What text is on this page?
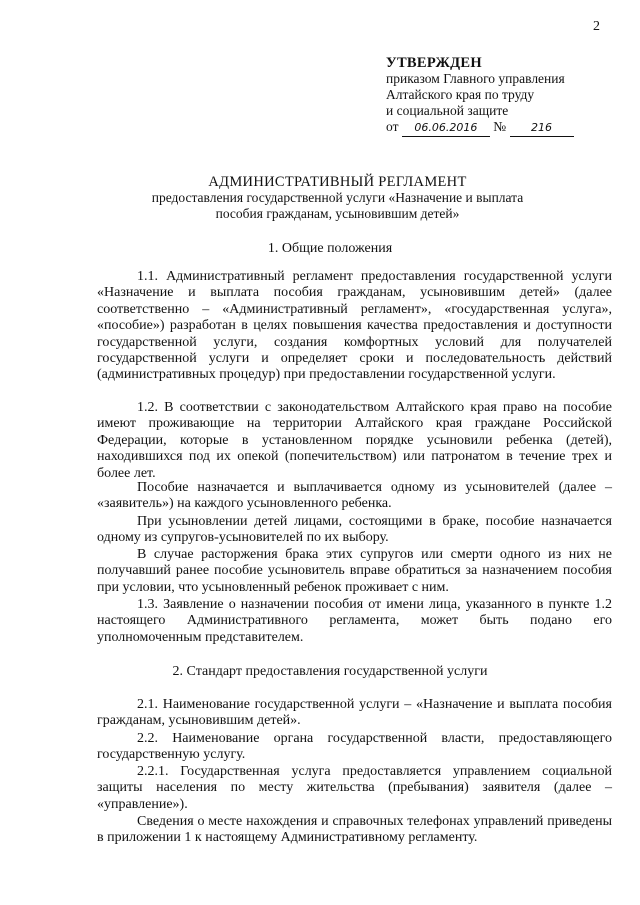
2
УТВЕРЖДЕН
приказом Главного управления
Алтайского края по труду
и социальной защите
от 06.06.2016 № 216
АДМИНИСТРАТИВНЫЙ РЕГЛАМЕНТ
предоставления государственной услуги «Назначение и выплата
пособия гражданам, усыновившим детей»
1. Общие положения
1.1. Административный регламент предоставления государственной услуги «Назначение и выплата пособия гражданам, усыновившим детей» (далее соответственно – «Административный регламент», «государственная услуга», «пособие») разработан в целях повышения качества предоставления и доступности государственной услуги, создания комфортных условий для получателей государственной услуги и определяет сроки и последовательность действий (административных процедур) при предоставлении государственной услуги.
1.2. В соответствии с законодательством Алтайского края право на пособие имеют проживающие на территории Алтайского края граждане Российской Федерации, которые в установленном порядке усыновили ребенка (детей), находившихся под их опекой (попечительством) или патронатом в течение трех и более лет.
Пособие назначается и выплачивается одному из усыновителей (далее – «заявитель») на каждого усыновленного ребенка.
При усыновлении детей лицами, состоящими в браке, пособие назначается одному из супругов-усыновителей по их выбору.
В случае расторжения брака этих супругов или смерти одного из них не получавший ранее пособие усыновитель вправе обратиться за назначением пособия при условии, что усыновленный ребенок проживает с ним.
1.3. Заявление о назначении пособия от имени лица, указанного в пункте 1.2 настоящего Административного регламента, может быть подано его уполномоченным представителем.
2. Стандарт предоставления государственной услуги
2.1. Наименование государственной услуги – «Назначение и выплата пособия гражданам, усыновившим детей».
2.2. Наименование органа государственной власти, предоставляющего государственную услугу.
2.2.1. Государственная услуга предоставляется управлением социальной защиты населения по месту жительства (пребывания) заявителя (далее – «управление»).
Сведения о месте нахождения и справочных телефонах управлений приведены в приложении 1 к настоящему Административному регламенту.
